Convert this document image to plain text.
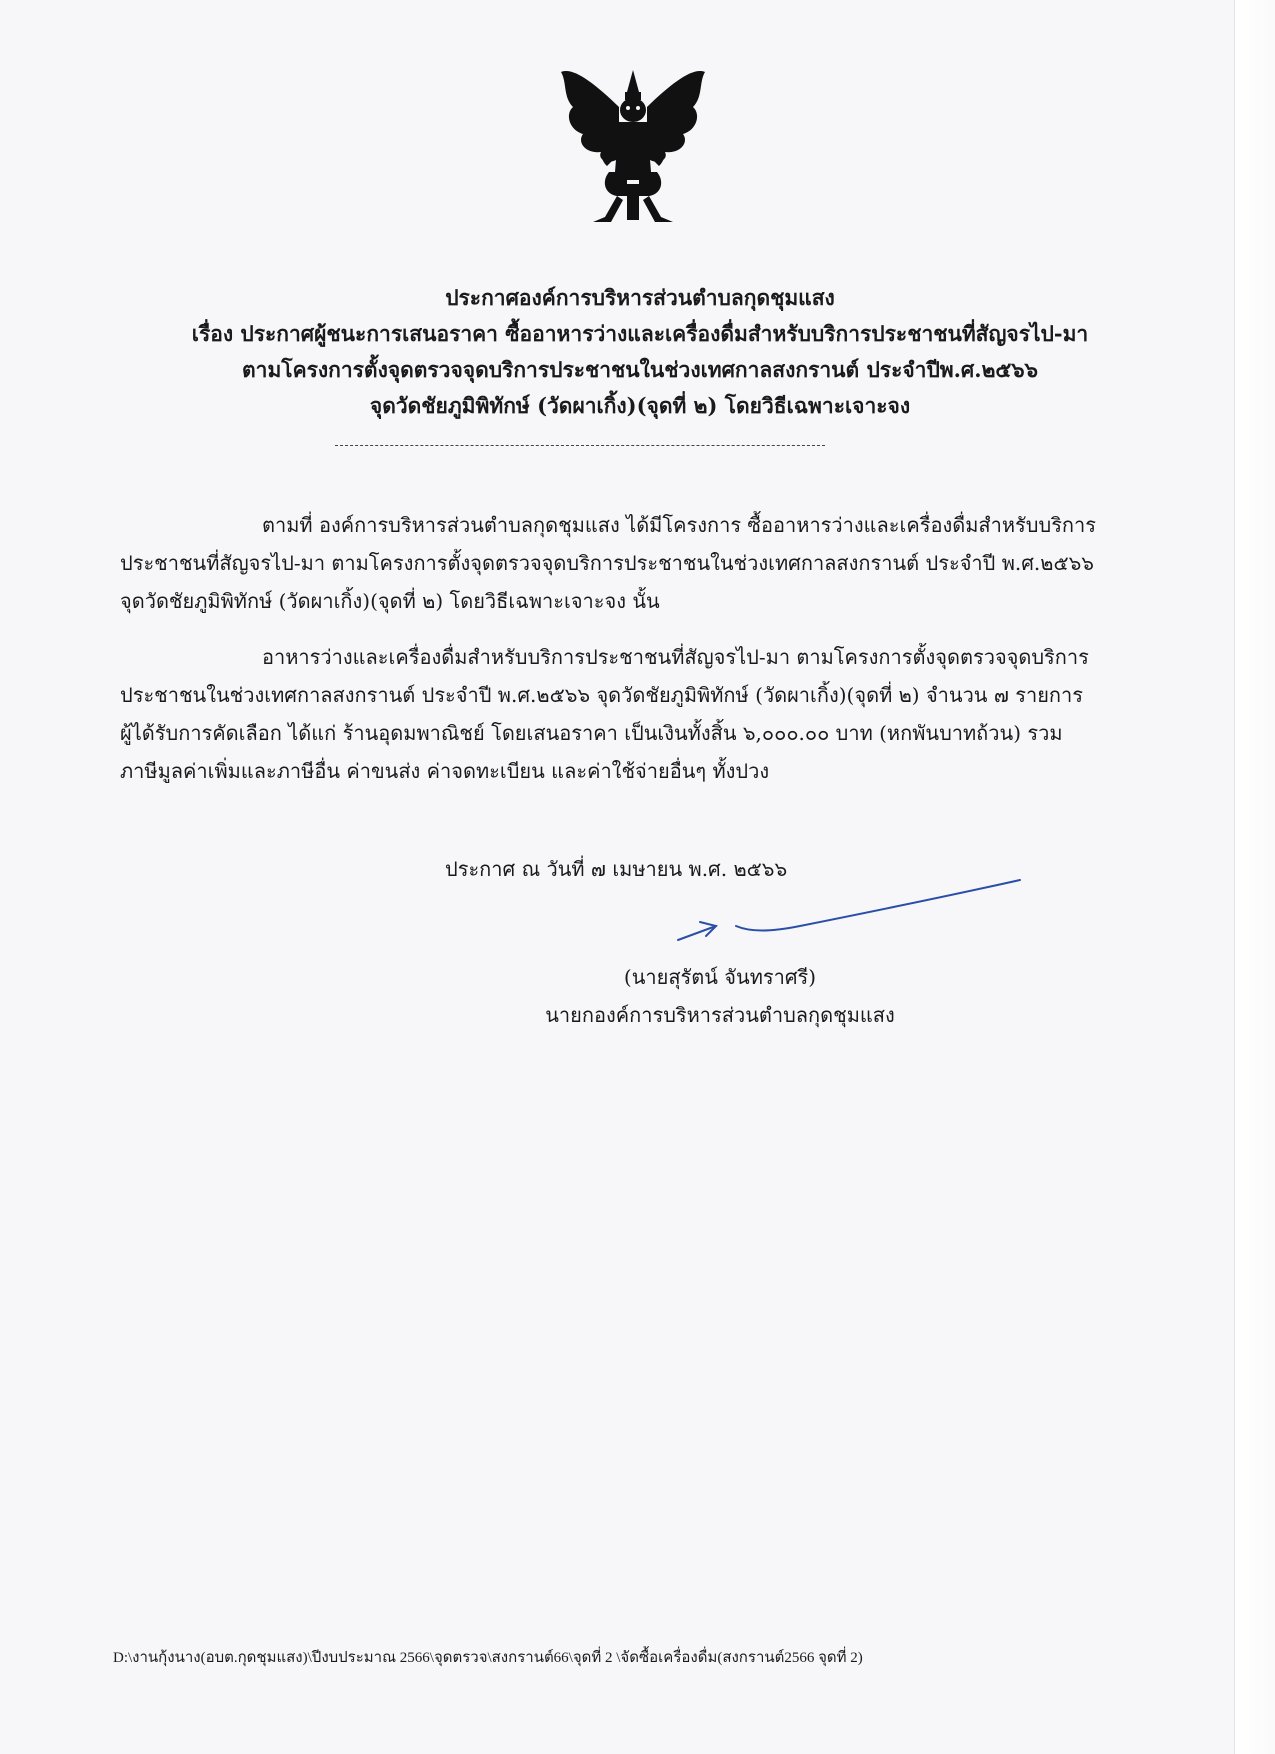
ประกาศองค์การบริหารส่วนตำบลกุดชุมแสง
เรื่อง ประกาศผู้ชนะการเสนอราคา ซื้ออาหารว่างและเครื่องดื่มสำหรับบริการประชาชนที่สัญจรไป-มา
ตามโครงการตั้งจุดตรวจจุดบริการประชาชนในช่วงเทศกาลสงกรานต์ ประจำปีพ.ศ.๒๕๖๖
จุดวัดชัยภูมิพิทักษ์ (วัดผาเกิ้ง)(จุดที่ ๒) โดยวิธีเฉพาะเจาะจง
ตามที่ องค์การบริหารส่วนตำบลกุดชุมแสง ได้มีโครงการ ซื้ออาหารว่างและเครื่องดื่มสำหรับบริการ
ประชาชนที่สัญจรไป-มา ตามโครงการตั้งจุดตรวจจุดบริการประชาชนในช่วงเทศกาลสงกรานต์ ประจำปี พ.ศ.๒๕๖๖
จุดวัดชัยภูมิพิทักษ์ (วัดผาเกิ้ง)(จุดที่ ๒) โดยวิธีเฉพาะเจาะจง นั้น
อาหารว่างและเครื่องดื่มสำหรับบริการประชาชนที่สัญจรไป-มา ตามโครงการตั้งจุดตรวจจุดบริการ
ประชาชนในช่วงเทศกาลสงกรานต์ ประจำปี พ.ศ.๒๕๖๖ จุดวัดชัยภูมิพิทักษ์ (วัดผาเกิ้ง)(จุดที่ ๒) จำนวน ๗ รายการ
ผู้ได้รับการคัดเลือก ได้แก่ ร้านอุดมพาณิชย์ โดยเสนอราคา เป็นเงินทั้งสิ้น ๖,๐๐๐.๐๐ บาท (หกพันบาทถ้วน) รวม
ภาษีมูลค่าเพิ่มและภาษีอื่น ค่าขนส่ง ค่าจดทะเบียน และค่าใช้จ่ายอื่นๆ ทั้งปวง
ประกาศ ณ วันที่ ๗ เมษายน พ.ศ. ๒๕๖๖
(นายสุรัตน์ จันทราศรี)
นายกองค์การบริหารส่วนตำบลกุดชุมแสง
D:\งานกุ้งนาง(อบต.กุดชุมแสง)\ปีงบประมาณ 2566\จุดตรวจ\สงกรานต์66\จุดที่ 2 \จัดซื้อเครื่องดื่ม(สงกรานต์2566 จุดที่ 2)
